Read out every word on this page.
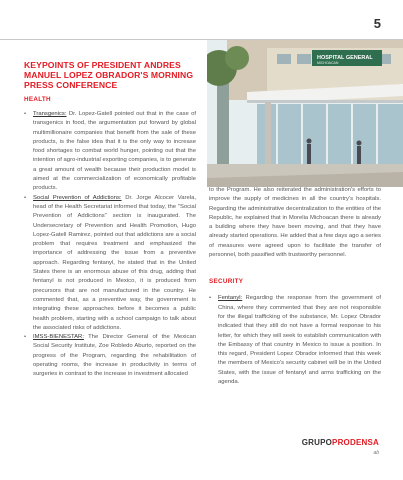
5
KEYPOINTS OF PRESIDENT ANDRES MANUEL LOPEZ OBRADOR'S MORNING PRESS CONFERENCE
HEALTH
• Transgenics: Dr. Lopez-Gatell pointed out that in the case of transgenics in food, the argumentation put forward by global multimillionaire companies that benefit from the sale of these products, is the false idea that it is the only way to increase food shortages to combat world hunger, pointing out that the intention of agro-industrial exporting companies, is to generate a great amount of wealth because their production model is aimed at the commercialization of economically profitable products.
• Social Prevention of Addictions: Dr. Jorge Alcocer Varela, head of the Health Secretariat informed that today, the "Social Prevention of Addictions" section is inaugurated. The Undersecretary of Prevention and Health Promotion, Hugo Lopez-Gatell Ramirez, pointed out that addictions are a social problem that requires treatment and emphasized the importance of addressing the issue from a preventive approach. Regarding fentanyl, he stated that in the United States there is an enormous abuse of this drug, adding that fentanyl is not produced in Mexico, it is produced from precursors that are not manufactured in the country. He commented that, as a preventive way, the government is integrating these approaches before it becomes a public health problem, starting with a school campaign to talk about the associated risks of addictions.
• IMSS-BIENESTAR: The Director General of the Mexican Social Security Institute, Zoe Robledo Aburto, reported on the progress of the Program, regarding the rehabilitation of operating rooms, the increase in productivity in terms of surgeries in contrast to the increase in investment allocated
HOSPITAL GENERAL
MICHOACAN
to the Program. He also reiterated the administration's efforts to improve the supply of medicines in all the country's hospitals. Regarding the administrative decentralization to the entities of the Republic, he explained that in Morelia Michoacan there is already a building where they have been moving, and that they have already started operations. He added that a few days ago a series of measures were agreed upon to facilitate the transfer of personnel, both passified with trustworthy personnel.
SECURITY
• Fentanyl: Regarding the response from the government of China, where they commented that they are not responsible for the illegal trafficking of the substance, Mr. Lopez Obrador indicated that they still do not have a formal response to his letter, for which they will seek to establish communication with the Embassy of that country in Mexico to issue a position. In this regard, President Lopez Obrador informed that this week the members of Mexico's security cabinet will be in the United States, with the issue of fentanyl and arms trafficking on the agenda.
GRUPOPRODENSA
ab
